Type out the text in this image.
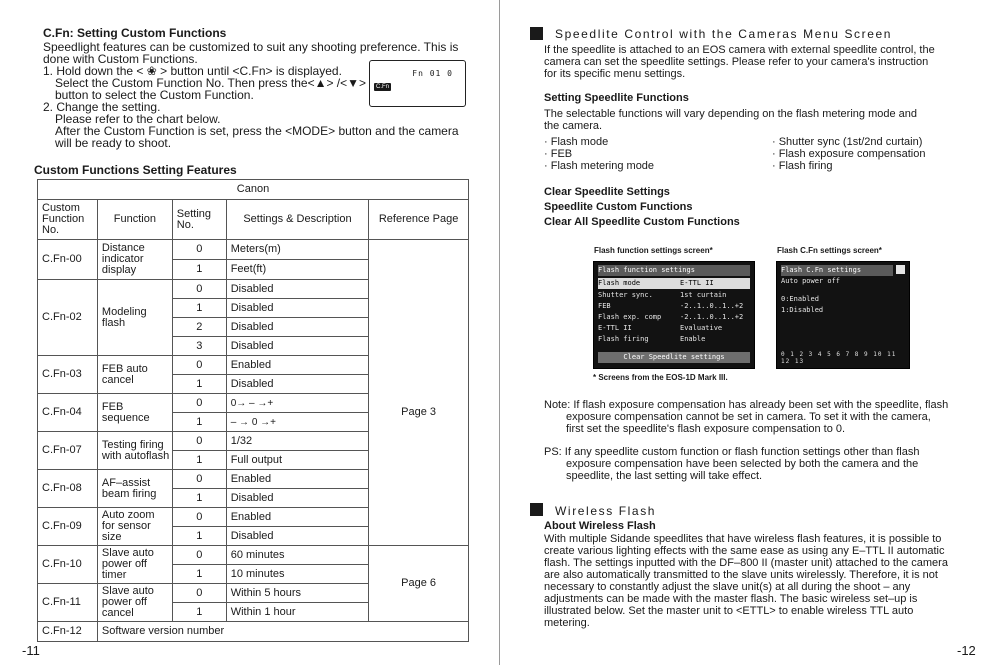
C.Fn: Setting Custom Functions

Speedlight features can be customized to suit any shooting preference. This is

done with Custom Functions.

1. Hold down the < ❀ > button until <C.Fn> is displayed.

Select the Custom Function No. Then press the<▲> /<▼>

button to select the Custom Function.

2. Change the setting.

Please refer to the chart below.

After the Custom Function is set, press the <MODE> button and the camera

will be ready to shoot.

Fn 01 0
C.Fn

Custom Functions Setting Features

Canon				
Custom
Function
No.	Function	Setting
No.	Settings & Description	Reference Page
C.Fn-00	Distance
indicator
display	0	Meters(m)	
		1	Feet(ft)	
C.Fn-02	Modeling
flash	0	Disabled	Page 3
		1	Disabled	
		2	Disabled	
		3	Disabled	
C.Fn-03	FEB auto
cancel	0	Enabled	
		1	Disabled	
C.Fn-04	FEB
sequence	0	0→ – →+	
		1	– → 0 →+	
C.Fn-07	Testing firing
with autoflash	0	1/32	
		1	Full output	
C.Fn-08	AF–assist
beam firing	0	Enabled	
		1	Disabled	
C.Fn-09	Auto zoom
for sensor
size	0	Enabled	
		1	Disabled	
C.Fn-10	Slave auto
power off
timer	0	60 minutes	Page 6
		1	10 minutes	
C.Fn-11	Slave auto
power off
cancel	0	Within 5 hours	
		1	Within 1 hour	
C.Fn-12	Software version number			

-11

Speedlite Control with the Cameras Menu Screen

If the speedlite is attached to an EOS camera with external speedlite control, the

camera can set the speedlite settings. Please refer to your camera's instruction

for its specific menu settings.

Setting Speedlite Functions

The selectable functions will vary depending on the flash metering mode and

the camera.

· Flash mode

· FEB

· Flash metering mode

· Shutter sync (1st/2nd curtain)

· Flash exposure compensation

· Flash firing

Clear Speedlite Settings

Speedlite Custom Functions

Clear All Speedlite Custom Functions

Flash function settings screen*	Flash C.Fn settings screen*

Flash function settings
Flash mode	E-TTL II
Shutter sync.	1st curtain
FEB	-2..1..0..1..+2
Flash exp. comp	-2..1..0..1..+2
E-TTL II	Evaluative
Flash firing	Enable
Clear Speedlite settings
Flash C.Fn settings
Auto power off
0:Enabled
1:Disabled
0 1 2 3 4 5 6 7 8 9 10 11 12 13

* Screens from the EOS-1D Mark III.

Note: If flash exposure compensation has already been set with the speedlite, flash

exposure compensation cannot be set in camera. To set it with the camera,

first set the speedlite's flash exposure compensation to 0.

PS: If any speedlite custom function or flash function settings other than flash

exposure compensation have been selected by both the camera and the

speedlite, the last setting will take effect.

Wireless Flash

About Wireless Flash

With multiple Sidande speedlites that have wireless flash features, it is possible to

create various lighting effects with the same ease as using any E–TTL II automatic

flash. The settings inputted with the DF–800 II (master unit) attached to the camera

are also automatically transmitted to the slave units wirelessly. Therefore, it is not

necessary to constantly adjust the slave unit(s) at all during the shoot – any

adjustments can be made with the master flash. The basic wireless set–up is

illustrated below. Set the master unit to <ETTL> to enable wireless TTL auto

metering.

-12
